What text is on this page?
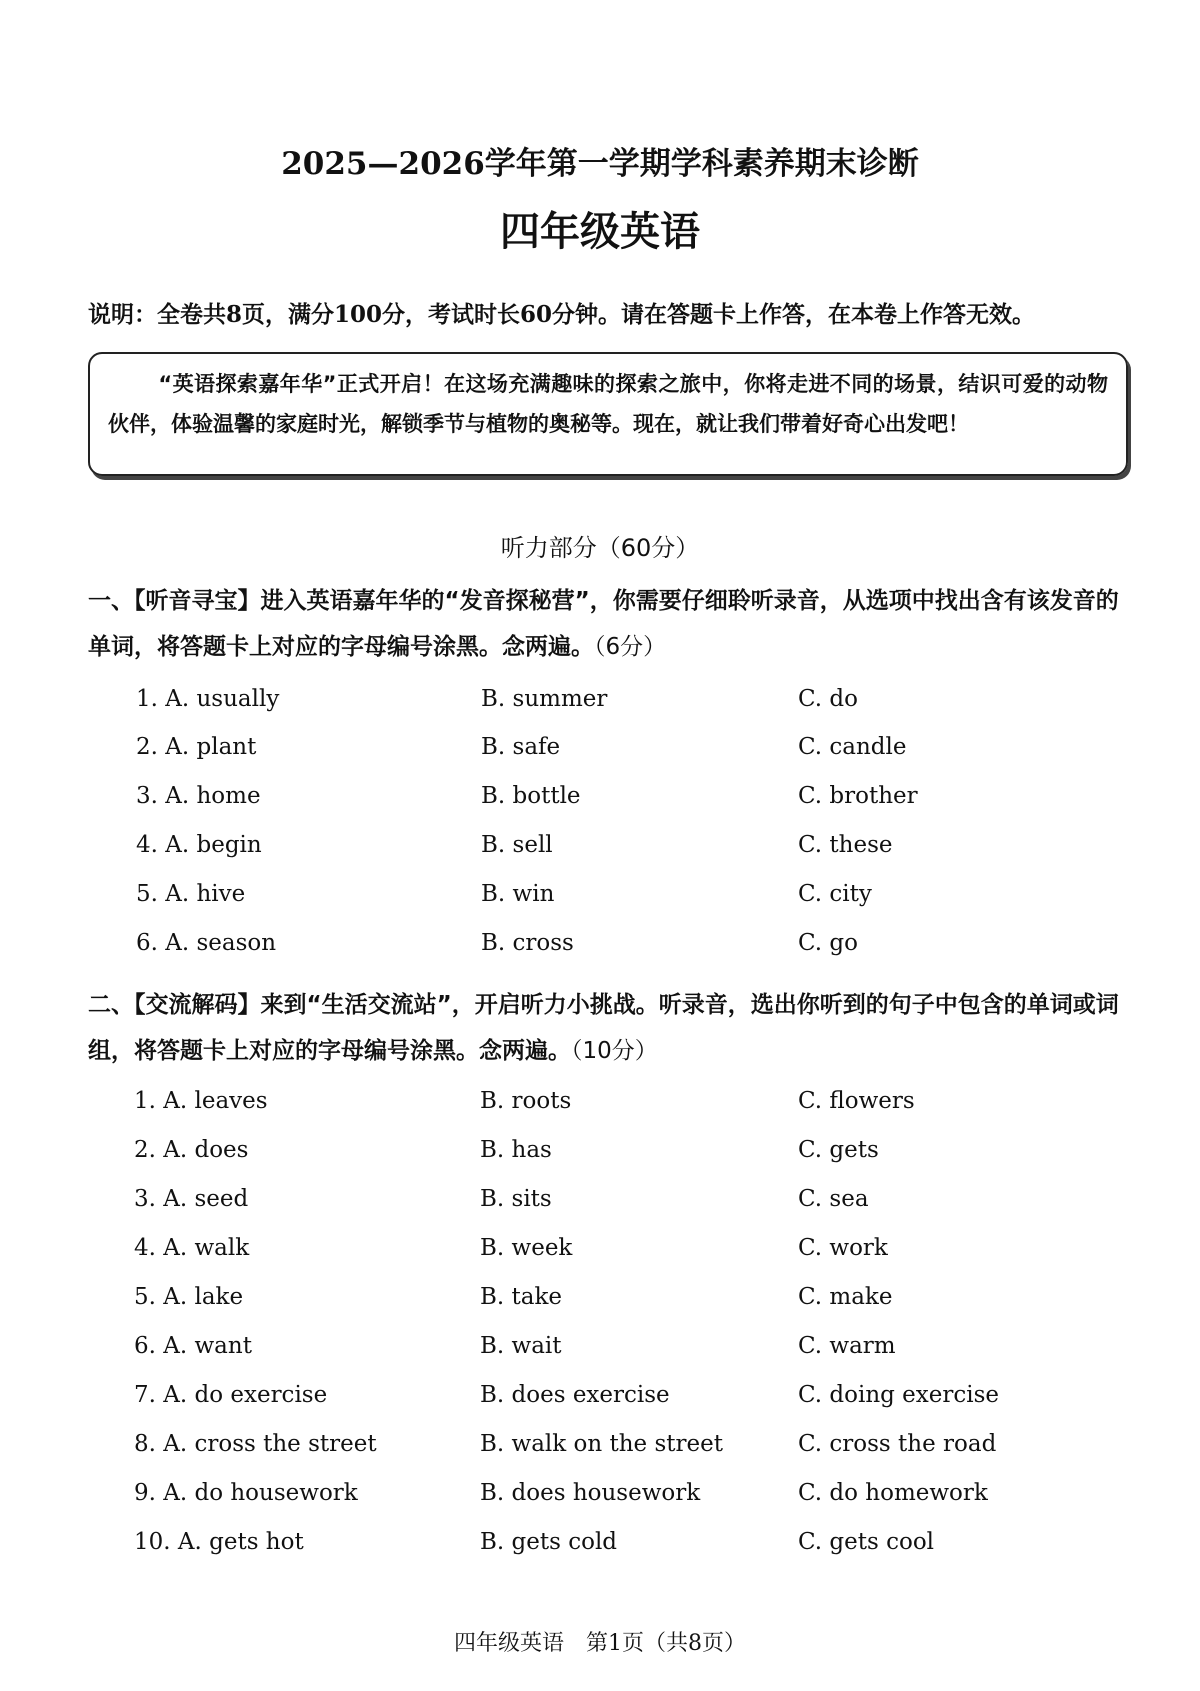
2025—2026学年第一学期学科素养期末诊断
四年级英语
说明：全卷共8页，满分100分，考试时长60分钟。请在答题卡上作答，在本卷上作答无效。

“英语探索嘉年华”正式开启！在这场充满趣味的探索之旅中，你将走进不同的场景，结识可爱的动物伙伴，体验温馨的家庭时光，解锁季节与植物的奥秘等。现在，就让我们带着好奇心出发吧！

听力部分（60分）

一、【听音寻宝】进入英语嘉年华的“发音探秘营”，你需要仔细聆听录音，从选项中找出含有该发音的单词，将答题卡上对应的字母编号涂黑。念两遍。（6分）

1. A. usually	B. summer	C. do
2. A. plant	B. safe	C. candle
3. A. home	B. bottle	C. brother
4. A. begin	B. sell	C. these
5. A. hive	B. win	C. city
6. A. season	B. cross	C. go

二、【交流解码】来到“生活交流站”，开启听力小挑战。听录音，选出你听到的句子中包含的单词或词组，将答题卡上对应的字母编号涂黑。念两遍。（10分）

1. A. leaves	B. roots	C. flowers
2. A. does	B. has	C. gets
3. A. seed	B. sits	C. sea
4. A. walk	B. week	C. work
5. A. lake	B. take	C. make
6. A. want	B. wait	C. warm
7. A. do exercise	B. does exercise	C. doing exercise
8. A. cross the street	B. walk on the street	C. cross the road
9. A. do housework	B. does housework	C. do homework
10. A. gets hot	B. gets cold	C. gets cool
四年级英语　第1页（共8页）
